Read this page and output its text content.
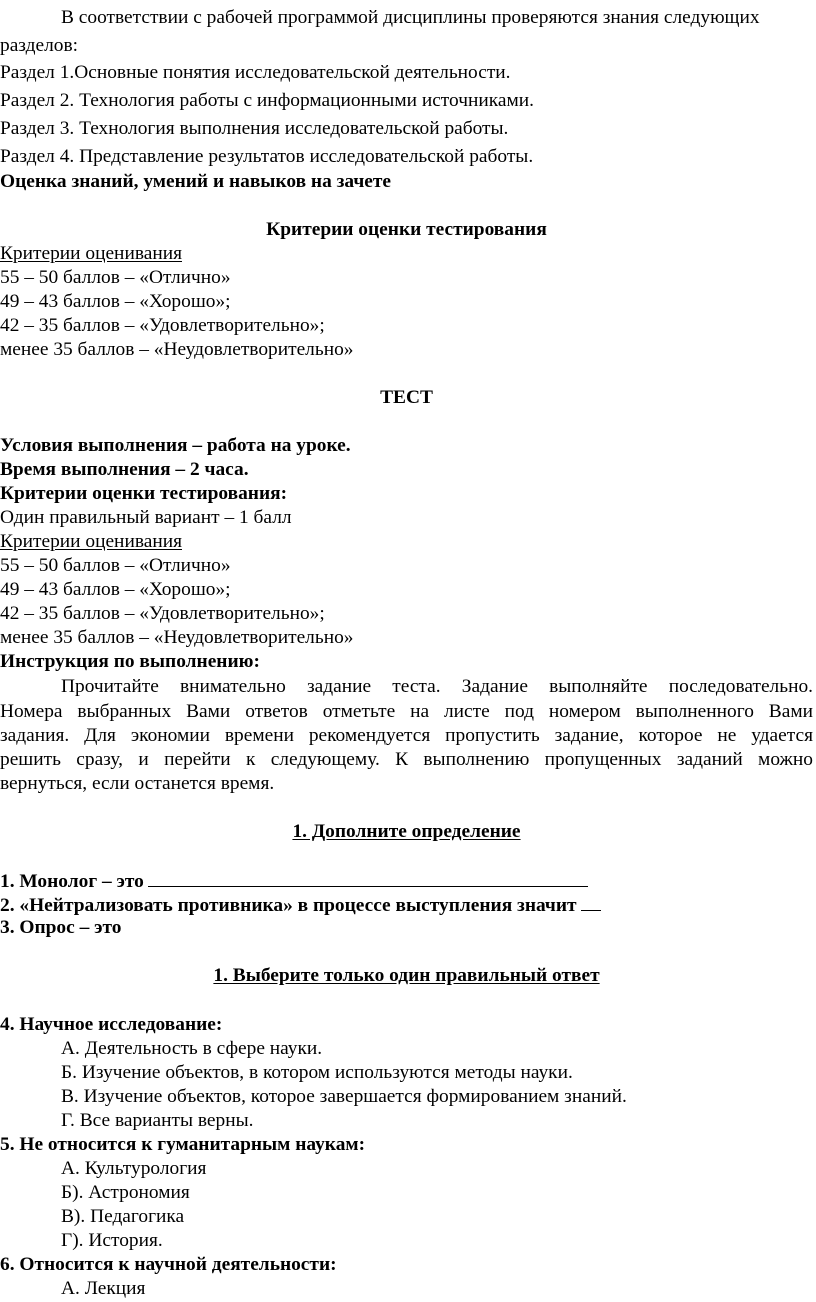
В соответствии с рабочей программой дисциплины проверяются знания следующих
разделов:
Раздел 1.Основные понятия исследовательской деятельности.
Раздел 2. Технология работы с информационными источниками.
Раздел 3. Технология выполнения исследовательской работы.
Раздел 4. Представление результатов исследовательской работы.
Оценка знаний, умений и навыков на зачете
Критерии оценки тестирования
Критерии оценивания
55 – 50 баллов – «Отлично»
49 – 43 баллов – «Хорошо»;
42 – 35 баллов – «Удовлетворительно»;
менее 35 баллов – «Неудовлетворительно»
ТЕСТ
Условия выполнения – работа на уроке.
Время выполнения – 2 часа.
Критерии оценки тестирования:
Один правильный вариант – 1 балл
Критерии оценивания
55 – 50 баллов – «Отлично»
49 – 43 баллов – «Хорошо»;
42 – 35 баллов – «Удовлетворительно»;
менее 35 баллов – «Неудовлетворительно»
Инструкция по выполнению:
Прочитайте внимательно задание теста. Задание выполняйте последовательно.
Номера выбранных Вами ответов отметьте на листе под номером выполненного Вами
задания. Для экономии времени рекомендуется пропустить задание, которое не удается
решить сразу, и перейти к следующему. К выполнению пропущенных заданий можно
вернуться, если останется время.
1. Дополните определение
1. Монолог – это
2. «Нейтрализовать противника» в процессе выступления значит
3. Опрос – это
1. Выберите только один правильный ответ
4. Научное исследование:
А. Деятельность в сфере науки.
Б. Изучение объектов, в котором используются методы науки.
В. Изучение объектов, которое завершается формированием знаний.
Г. Все варианты верны.
5. Не относится к гуманитарным наукам:
А. Культурология
Б). Астрономия
В). Педагогика
Г). История.
6. Относится к научной деятельности:
А. Лекция
